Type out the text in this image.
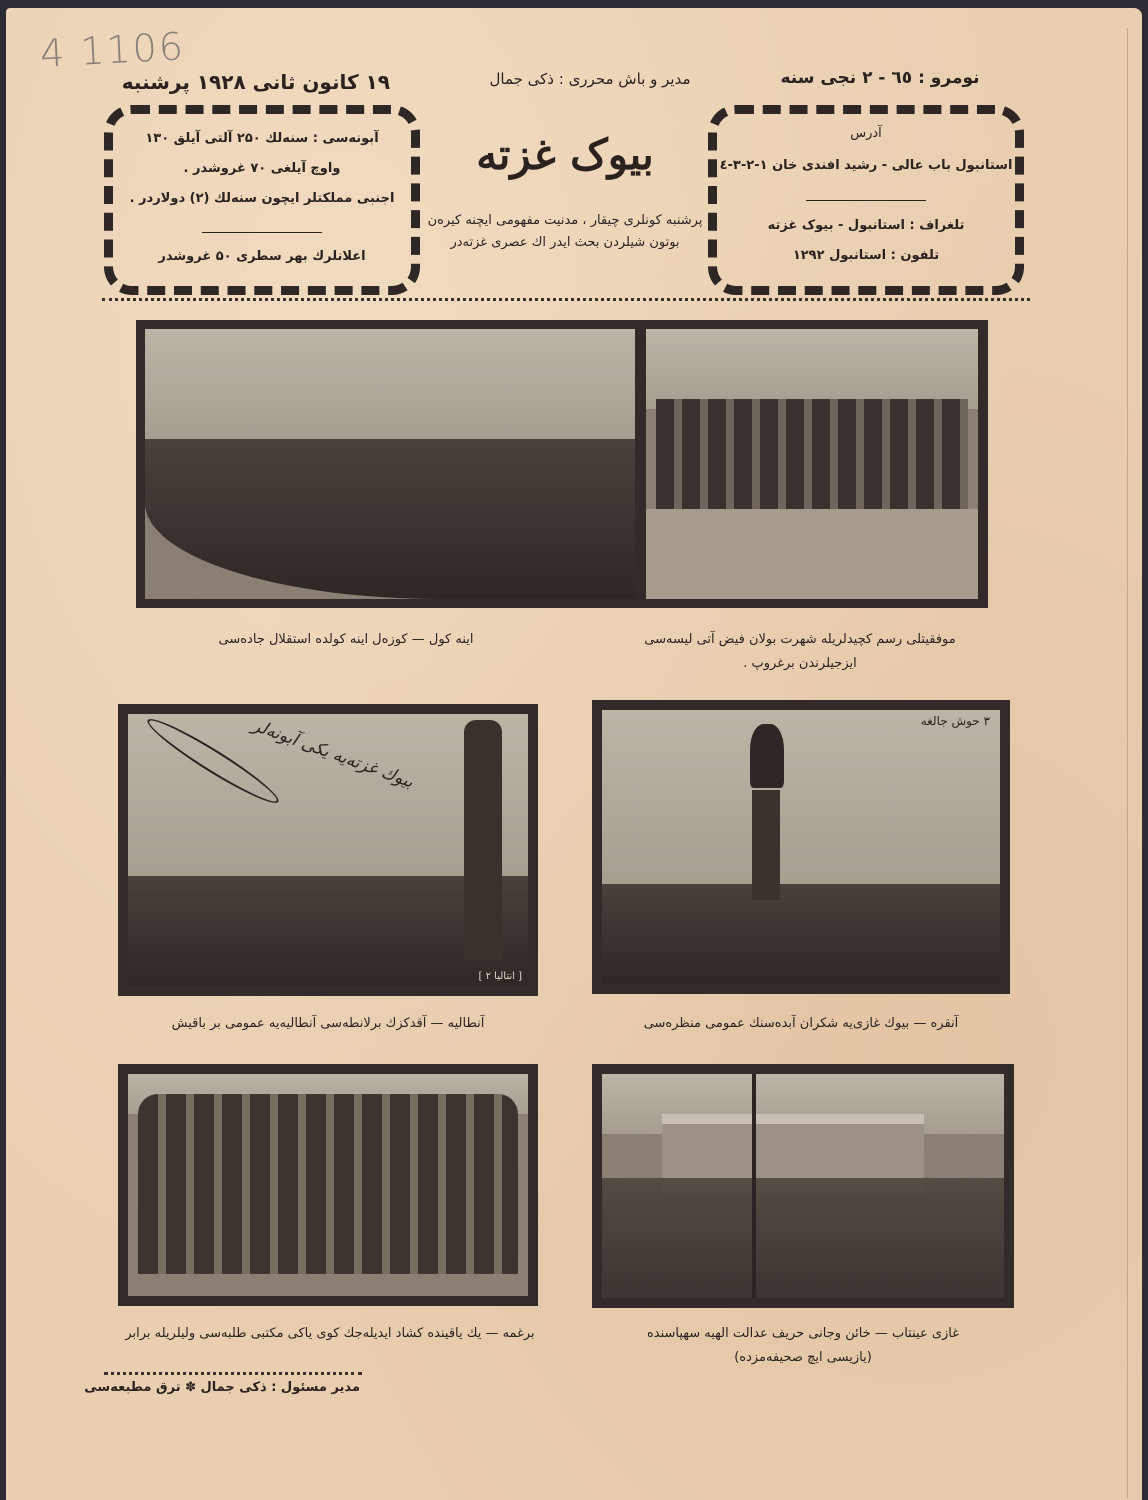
4 1106
۱۹ کانون ثانی ۱۹۲۸ پرشنبه	مدیر و باش محرری : ذکی جمال	نومرو : ٦٥ - ۲ نجی سنه
آبونەسی : سنەلك ۲۵۰ آلتی آیلق ۱۳۰
واوچ آیلغی ۷۰ غروشدر .
اجنبی مملکتلر ایچون سنەلك (۲) دولاردر .
اعلانلرك بهر سطری ۵۰ غروشدر
آدرس
استانبول باب عالی - رشید افندی خان ۱-۲-۳-٤
تلغراف : استانبول - بیوک غزته
تلفون : استانبول ۱۲۹۲
بیوک غزته
پرشنبه کونلری چیقار ، مدنیت مفهومی ایچنه کیرەن بوتون شیلردن بحث ایدر اك عصری غزتەدر
اینه کول — کوزەل اینه کولدە استقلال جادەسی	موفقیتلی رسم کچیدلریله شهرت بولان فیض آتی لیسەسی
ایزجیلرندن برغروپ .
بیوك غزتەیه یکی آبونەلر
[ انتالیا ٢ ]
٣ حوش جالغه
آنطالیه — آقدکزك برلانطەسی آنطالیەیه عمومی بر باقیش	آنقره — بیوك غازی‌یه شکران آبدەسنك عمومی منظرەسی
برغمه — یك یاقینده کشاد ایدیلەجك کوی یاکی مکتبی طلبەسی ولیلریله برابر	غازی عینتاب — خائن وجانی حریف عدالت الهیه سهپاسنده
(یازیسی ایچ صحیفەمزده)
مدیر مسئول : ذکی جمال ✽ ترق مطبعەسی
